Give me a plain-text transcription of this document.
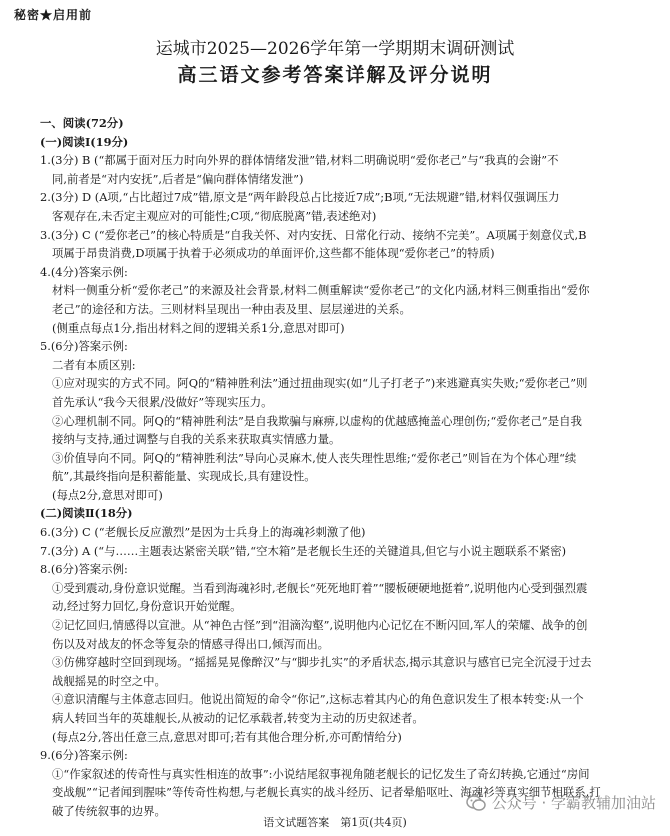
秘密★启用前
运城市2025—2026学年第一学期期末调研测试
高三语文参考答案详解及评分说明

一、阅读(72分)

(一)阅读Ⅰ(19分)

1.(3分) B (“都属于面对压力时向外界的群体情绪发泄”错,材料二明确说明“爱你老己”与“我真的会谢”不

同,前者是“对内安抚”,后者是“偏向群体情绪发泄”)

2.(3分) D (A项,“占比超过7成”错,原文是“两年龄段总占比接近7成”;B项,“无法规避”错,材料仅强调压力

客观存在,未否定主观应对的可能性;C项,“彻底脱离”错,表述绝对)

3.(3分) C (“爱你老己”的核心特质是“自我关怀、对内安抚、日常化行动、接纳不完美”。A项属于刻意仪式,B

项属于昂贵消费,D项属于执着于必须成功的单面评价,这些都不能体现“爱你老己”的特质)

4.(4分)答案示例:

材料一侧重分析“爱你老己”的来源及社会背景,材料二侧重解读“爱你老己”的文化内涵,材料三侧重指出“爱你

老己”的途径和方法。三则材料呈现出一种由表及里、层层递进的关系。

(侧重点每点1分,指出材料之间的逻辑关系1分,意思对即可)

5.(6分)答案示例:

二者有本质区别:

①应对现实的方式不同。阿Q的“精神胜利法”通过扭曲现实(如“儿子打老子”)来逃避真实失败;“爱你老己”则

首先承认“我今天很累/没做好”等现实压力。

②心理机制不同。阿Q的“精神胜利法”是自我欺骗与麻痹,以虚构的优越感掩盖心理创伤;“爱你老己”是自我

接纳与支持,通过调整与自我的关系来获取真实情感力量。

③价值导向不同。阿Q的“精神胜利法”导向心灵麻木,使人丧失理性思维;“爱你老己”则旨在为个体心理“续

航”,其最终指向是积蓄能量、实现成长,具有建设性。

(每点2分,意思对即可)

(二)阅读Ⅱ(18分)

6.(3分) C (“老舰长反应激烈”是因为士兵身上的海魂衫刺激了他)

7.(3分) A (“与……主题表达紧密关联”错,“空木箱”是老舰长生还的关键道具,但它与小说主题联系不紧密)

8.(6分)答案示例:

①受到震动,身份意识觉醒。当看到海魂衫时,老舰长“死死地盯着”“腰板硬硬地挺着”,说明他内心受到强烈震

动,经过努力回忆,身份意识开始觉醒。

②记忆回归,情感得以宣泄。从“神色古怪”到“泪滴沟壑”,说明他内心记忆在不断闪回,军人的荣耀、战争的创

伤以及对战友的怀念等复杂的情感寻得出口,倾泻而出。

③仿佛穿越时空回到现场。“摇摇晃晃像醉汉”与“脚步扎实”的矛盾状态,揭示其意识与感官已完全沉浸于过去

战舰摇晃的时空之中。

④意识清醒与主体意志回归。他说出简短的命令“你记”,这标志着其内心的角色意识发生了根本转变:从一个

病人转回当年的英雄舰长,从被动的记忆承载者,转变为主动的历史叙述者。

(每点2分,答出任意三点,意思对即可;若有其他合理分析,亦可酌情给分)

9.(6分)答案示例:

①“作家叙述的传奇性与真实性相连的故事”:小说结尾叙事视角随老舰长的记忆发生了奇幻转换,它通过“房间

变战舰”“记者闻到腥味”等传奇性构想,与老舰长真实的战斗经历、记者晕船呕吐、海魂衫等真实细节相联系,打

破了传统叙事的边界。	公众号 · 学霸教辅加油站
语文试题答案　第1页(共4页)
